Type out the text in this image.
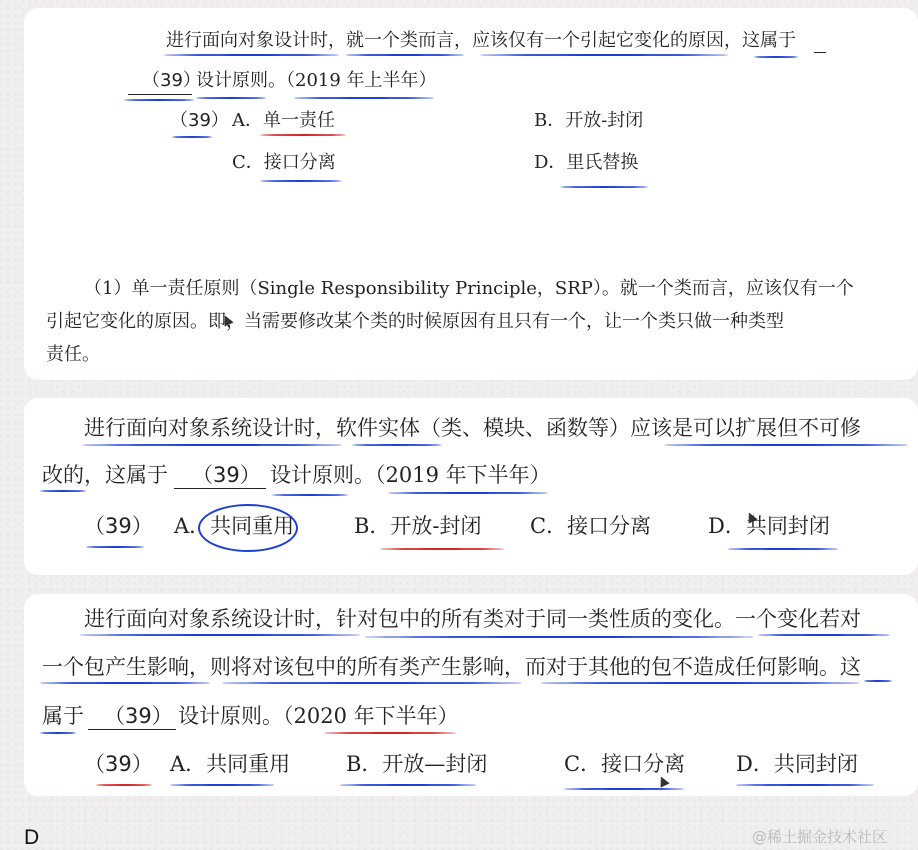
进行面向对象设计时，就一个类而言，应该仅有一个引起它变化的原因，这属于
（39）
设计原则。（2019 年上半年）
（39） A．单一责任	B．开放-封闭
C．接口分离	D．里氏替换
（1）单一责任原则（Single Responsibility Principle，SRP）。就一个类而言，应该仅有一个
引起它变化的原因。即，当需要修改某个类的时候原因有且只有一个，让一个类只做一种类型
责任。
进行面向对象系统设计时，软件实体（类、模块、函数等）应该是可以扩展但不可修
改的，这属于 （39） 设计原则。（2019 年下半年）
（39） A．共同重用	B．开放-封闭 C．接口分离	D．共同封闭
进行面向对象系统设计时，针对包中的所有类对于同一类性质的变化。一个变化若对
一个包产生影响，则将对该包中的所有类产生影响，而对于其他的包不造成任何影响。这
属于 （39） 设计原则。（2020 年下半年）
（39） A．共同重用	B．开放—封闭	C．接口分离 D．共同封闭
D	@稀土掘金技术社区
